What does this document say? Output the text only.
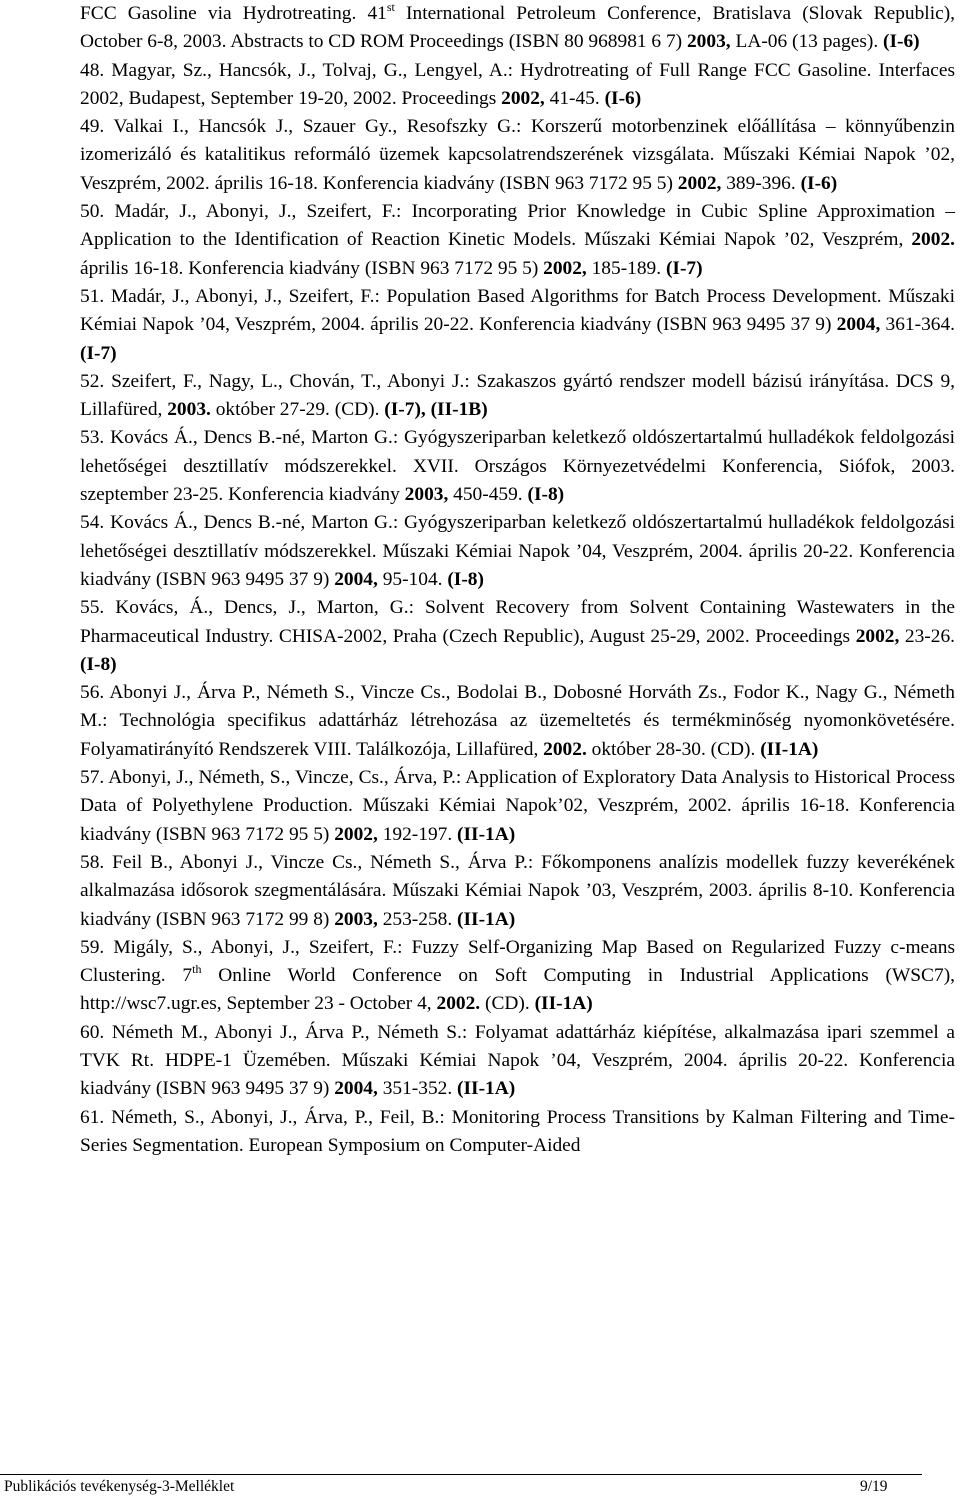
FCC Gasoline via Hydrotreating. 41st International Petroleum Conference, Bratislava (Slovak Republic), October 6-8, 2003. Abstracts to CD ROM Proceedings (ISBN 80 968981 6 7) 2003, LA-06 (13 pages). (I-6)
48. Magyar, Sz., Hancsók, J., Tolvaj, G., Lengyel, A.: Hydrotreating of Full Range FCC Gasoline. Interfaces 2002, Budapest, September 19-20, 2002. Proceedings 2002, 41-45. (I-6)
49. Valkai I., Hancsók J., Szauer Gy., Resofszky G.: Korszerű motorbenzinek előállítása – könnyűbenzin izomerizáló és katalitikus reformáló üzemek kapcsolatrendszerének vizsgálata. Műszaki Kémiai Napok ’02, Veszprém, 2002. április 16-18. Konferencia kiadvány (ISBN 963 7172 95 5) 2002, 389-396. (I-6)
50. Madár, J., Abonyi, J., Szeifert, F.: Incorporating Prior Knowledge in Cubic Spline Approximation – Application to the Identification of Reaction Kinetic Models. Műszaki Kémiai Napok ’02, Veszprém, 2002. április 16-18. Konferencia kiadvány (ISBN 963 7172 95 5) 2002, 185-189. (I-7)
51. Madár, J., Abonyi, J., Szeifert, F.: Population Based Algorithms for Batch Process Development. Műszaki Kémiai Napok ’04, Veszprém, 2004. április 20-22. Konferencia kiadvány (ISBN 963 9495 37 9) 2004, 361-364. (I-7)
52. Szeifert, F., Nagy, L., Chován, T., Abonyi J.: Szakaszos gyártó rendszer modell bázisú irányítása. DCS 9, Lillafüred, 2003. október 27-29. (CD). (I-7), (II-1B)
53. Kovács Á., Dencs B.-né, Marton G.: Gyógyszeriparban keletkező oldószertartalmú hulladékok feldolgozási lehetőségei desztillatív módszerekkel. XVII. Országos Környezetvédelmi Konferencia, Siófok, 2003. szeptember 23-25. Konferencia kiadvány 2003, 450-459. (I-8)
54. Kovács Á., Dencs B.-né, Marton G.: Gyógyszeriparban keletkező oldószertartalmú hulladékok feldolgozási lehetőségei desztillatív módszerekkel. Műszaki Kémiai Napok ’04, Veszprém, 2004. április 20-22. Konferencia kiadvány (ISBN 963 9495 37 9) 2004, 95-104. (I-8)
55. Kovács, Á., Dencs, J., Marton, G.: Solvent Recovery from Solvent Containing Wastewaters in the Pharmaceutical Industry. CHISA-2002, Praha (Czech Republic), August 25-29, 2002. Proceedings 2002, 23-26. (I-8)
56. Abonyi J., Árva P., Németh S., Vincze Cs., Bodolai B., Dobosné Horváth Zs., Fodor K., Nagy G., Németh M.: Technológia specifikus adattárház létrehozása az üzemeltetés és termékminőség nyomonkövetésére. Folyamatirányító Rendszerek VIII. Találkozója, Lillafüred, 2002. október 28-30. (CD). (II-1A)
57. Abonyi, J., Németh, S., Vincze, Cs., Árva, P.: Application of Exploratory Data Analysis to Historical Process Data of Polyethylene Production. Műszaki Kémiai Napok’02, Veszprém, 2002. április 16-18. Konferencia kiadvány (ISBN 963 7172 95 5) 2002, 192-197. (II-1A)
58. Feil B., Abonyi J., Vincze Cs., Németh S., Árva P.: Főkomponens analízis modellek fuzzy keverékének alkalmazása idősorok szegmentálására. Műszaki Kémiai Napok ’03, Veszprém, 2003. április 8-10. Konferencia kiadvány (ISBN 963 7172 99 8) 2003, 253-258. (II-1A)
59. Migály, S., Abonyi, J., Szeifert, F.: Fuzzy Self-Organizing Map Based on Regularized Fuzzy c-means Clustering. 7th Online World Conference on Soft Computing in Industrial Applications (WSC7), http://wsc7.ugr.es, September 23 - October 4, 2002. (CD). (II-1A)
60. Németh M., Abonyi J., Árva P., Németh S.: Folyamat adattárház kiépítése, alkalmazása ipari szemmel a TVK Rt. HDPE-1 Üzemében. Műszaki Kémiai Napok ’04, Veszprém, 2004. április 20-22. Konferencia kiadvány (ISBN 963 9495 37 9) 2004, 351-352. (II-1A)
61. Németh, S., Abonyi, J., Árva, P., Feil, B.: Monitoring Process Transitions by Kalman Filtering and Time-Series Segmentation. European Symposium on Computer-Aided
Publikációs tevékenység-3-Melléklet	9/19
